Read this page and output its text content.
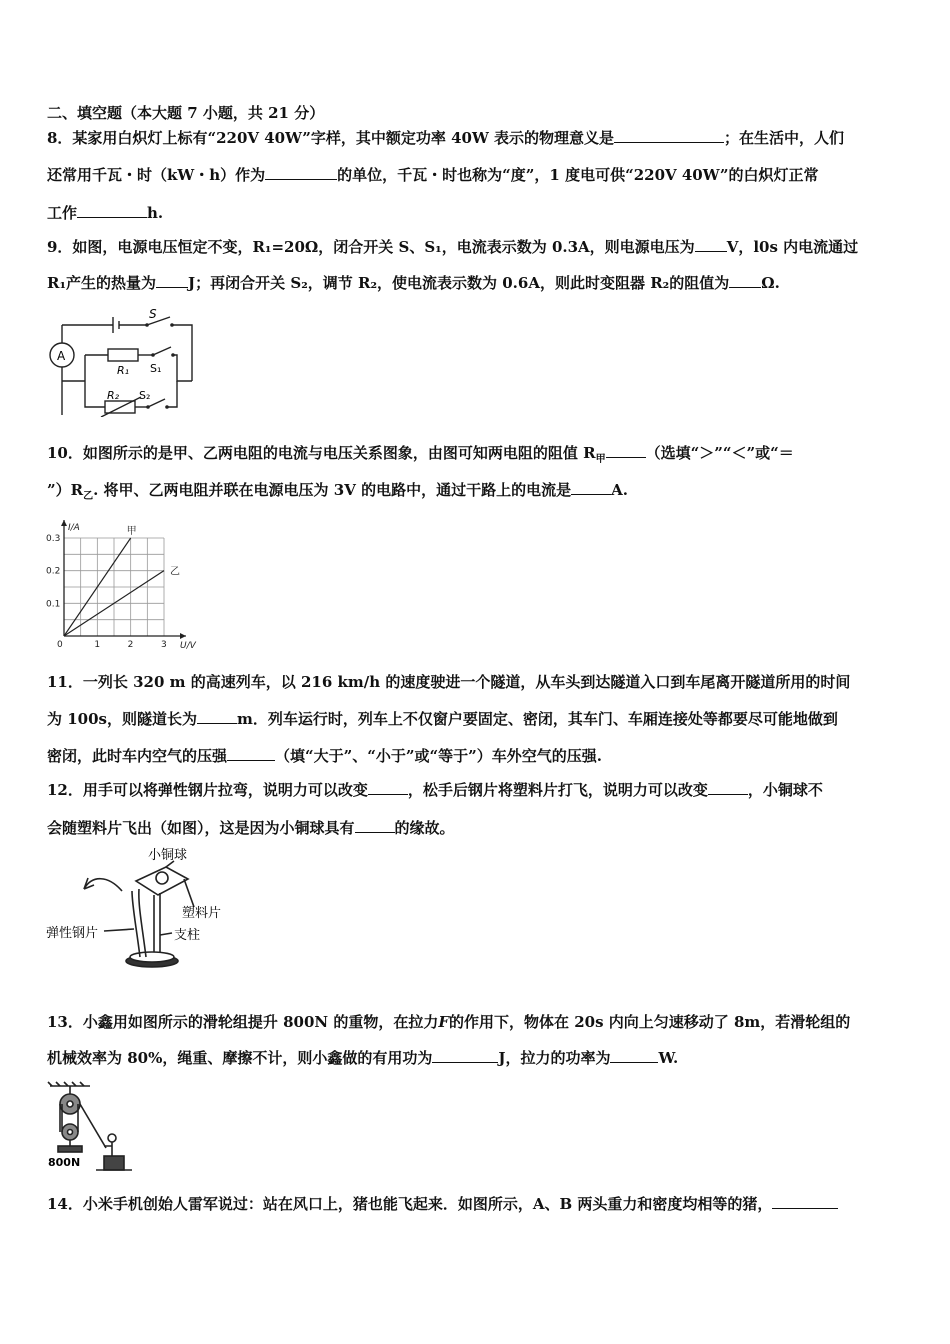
二、填空题（本大题 7 小题，共 21 分）
8．某家用白炽灯上标有“220V 40W”字样，其中额定功率 40W 表示的物理意义是	；在生活中，人们
还常用千瓦・时（kW・h）作为	的单位，千瓦・时也称为“度”，1 度电可供“220V 40W”的白炽灯正常
工作	h.
9．如图，电源电压恒定不变，R₁=20Ω，闭合开关 S、S₁，电流表示数为 0.3A，则电源电压为 V，l0s 内电流通过
R₁产生的热量为 J；再闭合开关 S₂，调节 R₂，使电流表示数为 0.6A，则此时变阻器 R₂的阻值为 Ω.
A
S
S₁
R₁
R₂ S₂
10．如图所示的是甲、乙两电阻的电流与电压关系图象，由图可知两电阻的阻值 $R_甲$	（选填“＞”“＜”或“＝
$”)R_乙$. 将甲、乙两电阻并联在电源电压为 3V 的电路中，通过干路上的电流是	A.
1	2	3
0.1
0.2
0.3
0	U/V
I/A	甲
乙
11．一列长 320 m 的高速列车，以 216 km/h 的速度驶进一个隧道，从车头到达隧道入口到车尾离开隧道所用的时间
为 100s，则隧道长为	m．列车运行时，列车上不仅窗户要固定、密闭，其车门、车厢连接处等都要尽可能地做到
密闭，此时车内空气的压强	（填“大于”、“小于”或“等于”）车外空气的压强.
12．用手可以将弹性钢片拉弯，说明力可以改变	，松手后钢片将塑料片打飞，说明力可以改变	，小铜球不
会随塑料片飞出（如图），这是因为小铜球具有	的缘故。
小铜球
塑料片
支柱
弹性钢片
13．小鑫用如图所示的滑轮组提升 800N 的重物，在拉力F的作用下，物体在 20s 内向上匀速移动了 8m，若滑轮组的
机械效率为 80%，绳重、摩擦不计，则小鑫做的有用功为	J，拉力的功率为	W.
800N
14．小米手机创始人雷军说过：站在风口上，猪也能飞起来．如图所示，A、B 两头重力和密度均相等的猪，
